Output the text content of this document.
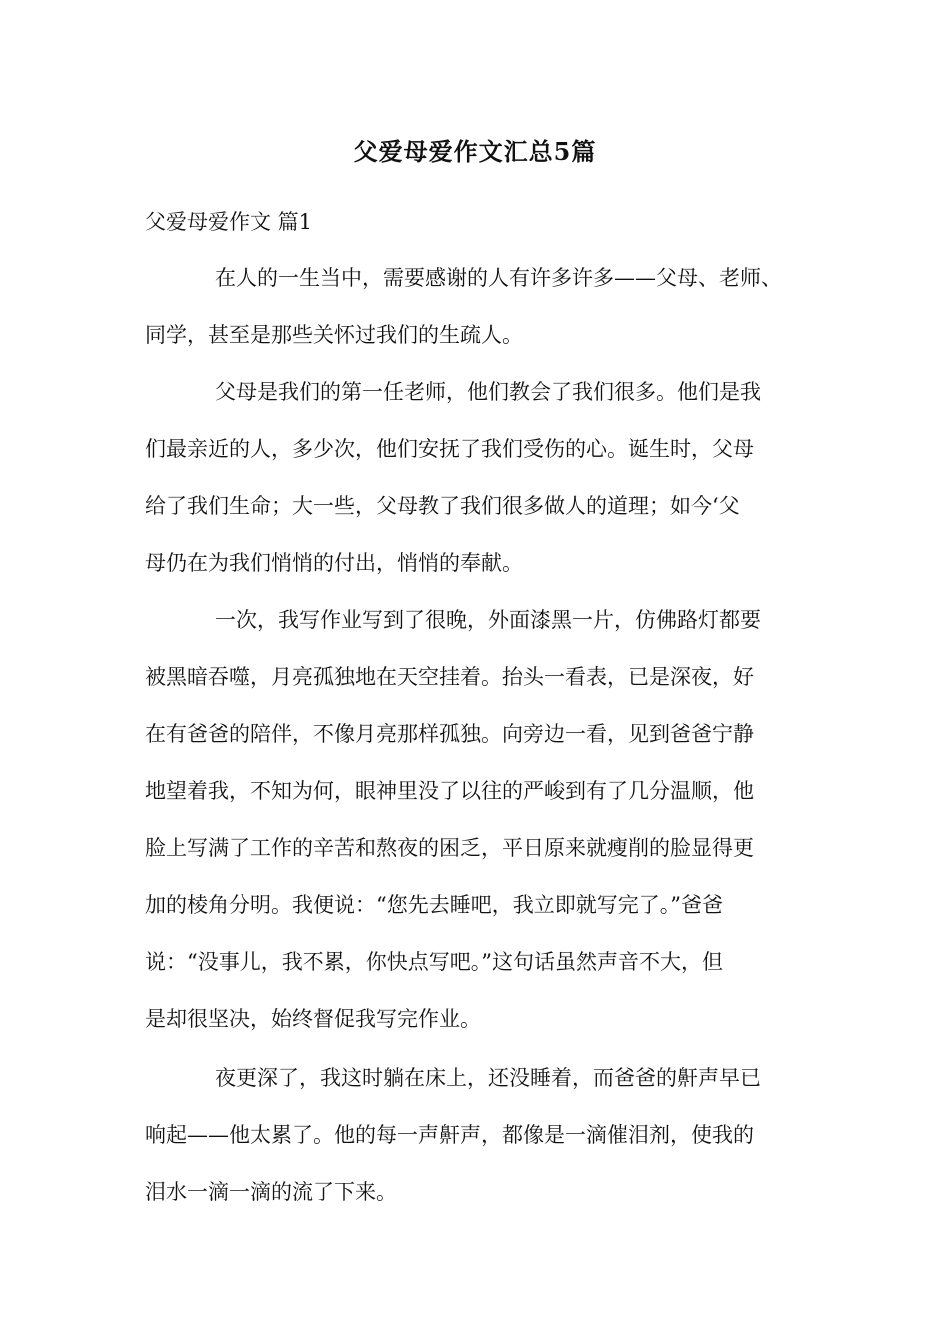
父爱母爱作文汇总5篇
父爱母爱作文 篇1
在人的一生当中，需要感谢的人有许多许多——父母、老师、
同学，甚至是那些关怀过我们的生疏人。
父母是我们的第一任老师，他们教会了我们很多。他们是我
们最亲近的人，多少次，他们安抚了我们受伤的心。诞生时，父母
给了我们生命；大一些，父母教了我们很多做人的道理；如今‘父
母仍在为我们悄悄的付出，悄悄的奉献。
一次，我写作业写到了很晚，外面漆黑一片，仿佛路灯都要
被黑暗吞噬，月亮孤独地在天空挂着。抬头一看表，已是深夜，好
在有爸爸的陪伴，不像月亮那样孤独。向旁边一看，见到爸爸宁静
地望着我，不知为何，眼神里没了以往的严峻到有了几分温顺，他
脸上写满了工作的辛苦和熬夜的困乏，平日原来就瘦削的脸显得更
加的棱角分明。我便说：“您先去睡吧，我立即就写完了。”爸爸
说：“没事儿，我不累，你快点写吧。”这句话虽然声音不大，但
是却很坚决，始终督促我写完作业。
夜更深了，我这时躺在床上，还没睡着，而爸爸的鼾声早已
响起——他太累了。他的每一声鼾声，都像是一滴催泪剂，使我的
泪水一滴一滴的流了下来。
